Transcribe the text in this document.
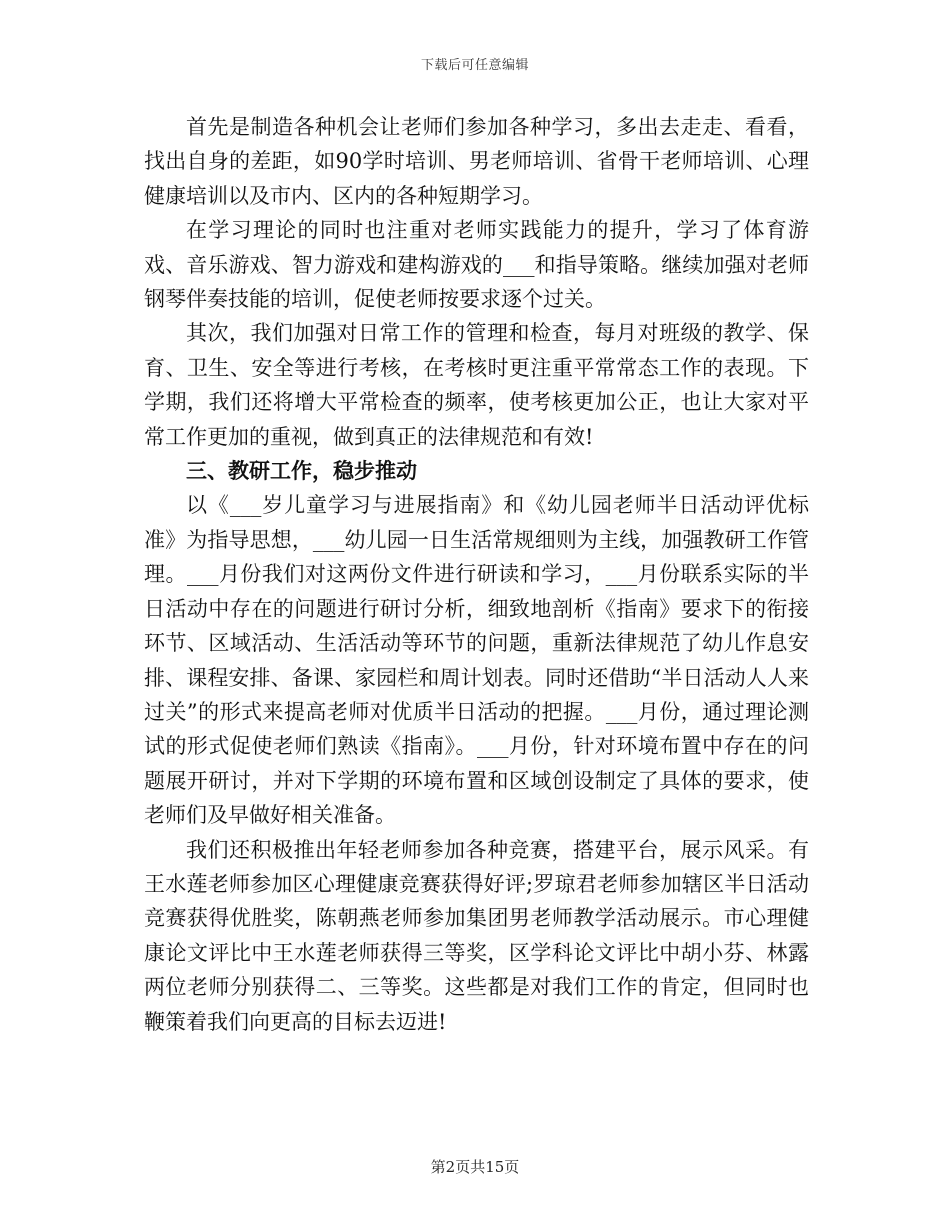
下载后可任意编辑

首先是制造各种机会让老师们参加各种学习，多出去走走、看看，找出自身的差距，如90学时培训、男老师培训、省骨干老师培训、心理健康培训以及市内、区内的各种短期学习。

在学习理论的同时也注重对老师实践能力的提升，学习了体育游戏、音乐游戏、智力游戏和建构游戏的___和指导策略。继续加强对老师钢琴伴奏技能的培训，促使老师按要求逐个过关。

其次，我们加强对日常工作的管理和检查，每月对班级的教学、保育、卫生、安全等进行考核，在考核时更注重平常常态工作的表现。下学期，我们还将增大平常检查的频率，使考核更加公正，也让大家对平常工作更加的重视，做到真正的法律规范和有效!

三、教研工作，稳步推动

以《___岁儿童学习与进展指南》和《幼儿园老师半日活动评优标准》为指导思想，___幼儿园一日生活常规细则为主线，加强教研工作管理。___月份我们对这两份文件进行研读和学习，___月份联系实际的半日活动中存在的问题进行研讨分析，细致地剖析《指南》要求下的衔接环节、区域活动、生活活动等环节的问题，重新法律规范了幼儿作息安排、课程安排、备课、家园栏和周计划表。同时还借助“半日活动人人来过关”的形式来提高老师对优质半日活动的把握。___月份，通过理论测试的形式促使老师们熟读《指南》。___月份，针对环境布置中存在的问题展开研讨，并对下学期的环境布置和区域创设制定了具体的要求，使老师们及早做好相关准备。

我们还积极推出年轻老师参加各种竞赛，搭建平台，展示风采。有王水莲老师参加区心理健康竞赛获得好评;罗琼君老师参加辖区半日活动竞赛获得优胜奖，陈朝燕老师参加集团男老师教学活动展示。市心理健康论文评比中王水莲老师获得三等奖，区学科论文评比中胡小芬、林露两位老师分别获得二、三等奖。这些都是对我们工作的肯定，但同时也鞭策着我们向更高的目标去迈进!

第2页共15页
